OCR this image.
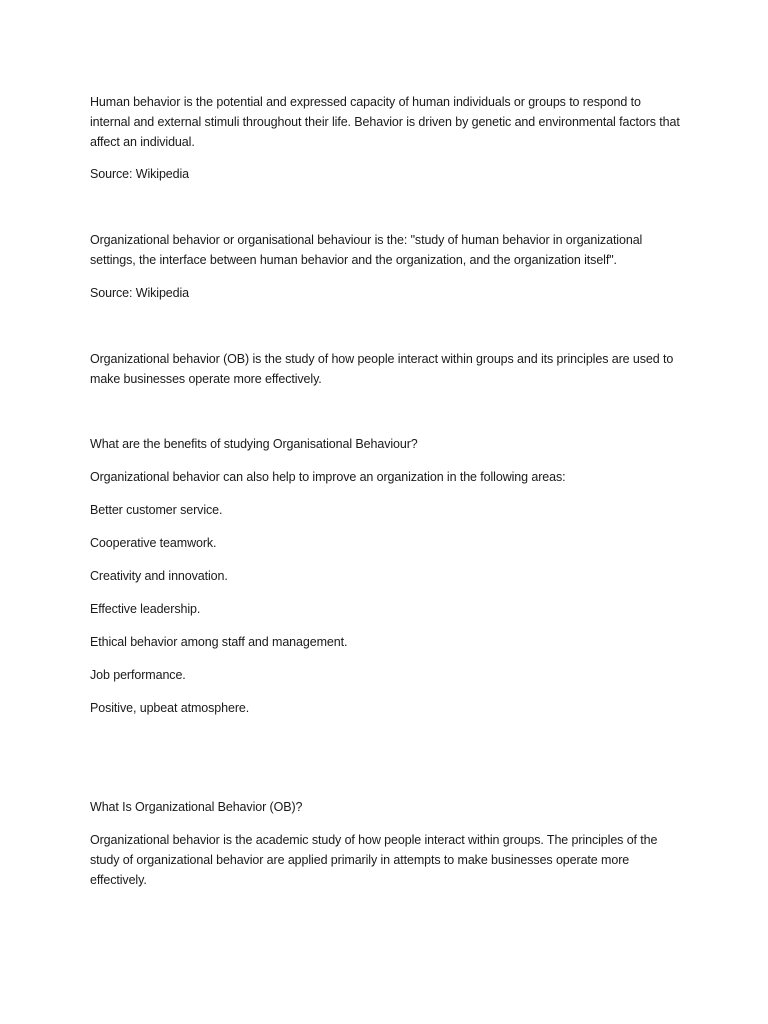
Human behavior is the potential and expressed capacity of human individuals or groups to respond to internal and external stimuli throughout their life. Behavior is driven by genetic and environmental factors that affect an individual.

Source: Wikipedia

Organizational behavior or organisational behaviour is the: "study of human behavior in organizational settings, the interface between human behavior and the organization, and the organization itself".

Source: Wikipedia

Organizational behavior (OB) is the study of how people interact within groups and its principles are used to make businesses operate more effectively.

What are the benefits of studying Organisational Behaviour?

Organizational behavior can also help to improve an organization in the following areas:

Better customer service.

Cooperative teamwork.

Creativity and innovation.

Effective leadership.

Ethical behavior among staff and management.

Job performance.

Positive, upbeat atmosphere.

What Is Organizational Behavior (OB)?

Organizational behavior is the academic study of how people interact within groups. The principles of the study of organizational behavior are applied primarily in attempts to make businesses operate more effectively.
